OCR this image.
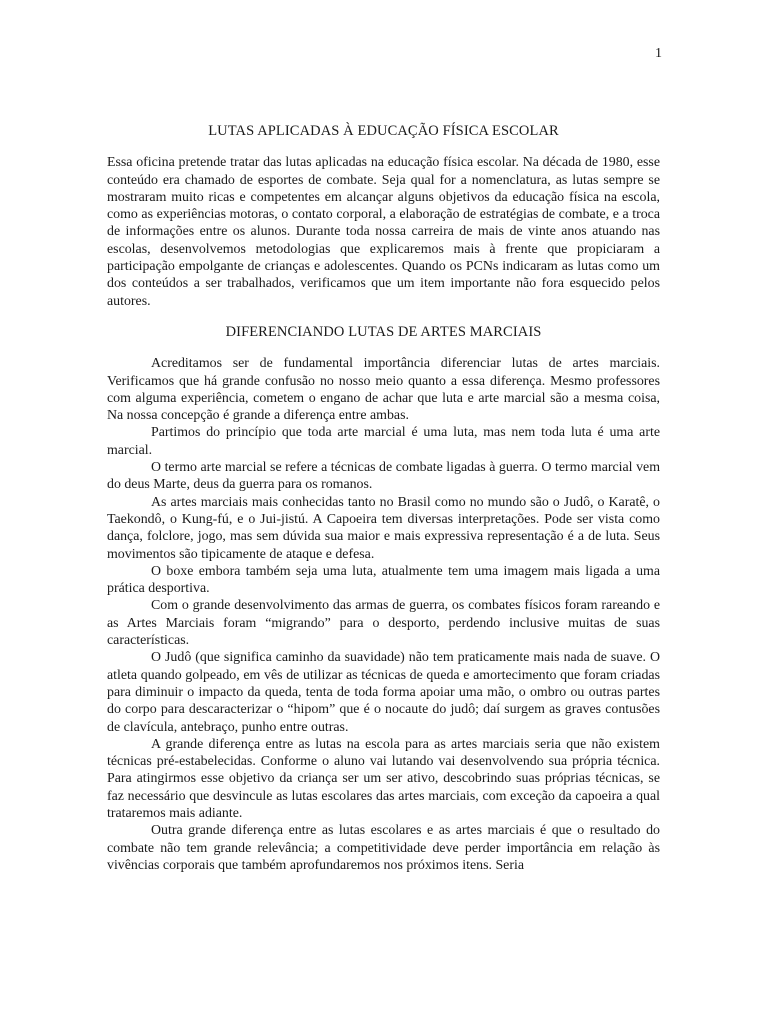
1
LUTAS APLICADAS À EDUCAÇÃO FÍSICA ESCOLAR

Essa oficina pretende tratar das lutas aplicadas na educação física escolar. Na década de 1980, esse conteúdo era chamado de esportes de combate. Seja qual for a nomenclatura, as lutas sempre se mostraram muito ricas e competentes em alcançar alguns objetivos da educação física na escola, como as experiências motoras, o contato corporal, a elaboração de estratégias de combate, e a troca de informações entre os alunos. Durante toda nossa carreira de mais de vinte anos atuando nas escolas, desenvolvemos metodologias que explicaremos mais à frente que propiciaram a participação empolgante de crianças e adolescentes. Quando os PCNs indicaram as lutas como um dos conteúdos a ser trabalhados, verificamos que um item importante não fora esquecido pelos autores.

DIFERENCIANDO LUTAS DE ARTES MARCIAIS

Acreditamos ser de fundamental importância diferenciar lutas de artes marciais. Verificamos que há grande confusão no nosso meio quanto a essa diferença. Mesmo professores com alguma experiência, cometem o engano de achar que luta e arte marcial são a mesma coisa, Na nossa concepção é grande a diferença entre ambas.

Partimos do princípio que toda arte marcial é uma luta, mas nem toda luta é uma arte marcial.

O termo arte marcial se refere a técnicas de combate ligadas à guerra. O termo marcial vem do deus Marte, deus da guerra para os romanos.

As artes marciais mais conhecidas tanto no Brasil como no mundo são o Judô, o Karatê, o Taekondô, o Kung-fú, e o Jui-jistú. A Capoeira tem diversas interpretações. Pode ser vista como dança, folclore, jogo, mas sem dúvida sua maior e mais expressiva representação é a de luta. Seus movimentos são tipicamente de ataque e defesa.

O boxe embora também seja uma luta, atualmente tem uma imagem mais ligada a uma prática desportiva.

Com o grande desenvolvimento das armas de guerra, os combates físicos foram rareando e as Artes Marciais foram “migrando” para o desporto, perdendo inclusive muitas de suas características.

O Judô (que significa caminho da suavidade) não tem praticamente mais nada de suave. O atleta quando golpeado, em vês de utilizar as técnicas de queda e amortecimento que foram criadas para diminuir o impacto da queda, tenta de toda forma apoiar uma mão, o ombro ou outras partes do corpo para descaracterizar o “hipom” que é o nocaute do judô; daí surgem as graves contusões de clavícula, antebraço, punho entre outras.

A grande diferença entre as lutas na escola para as artes marciais seria que não existem técnicas pré-estabelecidas. Conforme o aluno vai lutando vai desenvolvendo sua própria técnica. Para atingirmos esse objetivo da criança ser um ser ativo, descobrindo suas próprias técnicas, se faz necessário que desvincule as lutas escolares das artes marciais, com exceção da capoeira a qual trataremos mais adiante.

Outra grande diferença entre as lutas escolares e as artes marciais é que o resultado do combate não tem grande relevância; a competitividade deve perder importância em relação às vivências corporais que também aprofundaremos nos próximos itens. Seria
